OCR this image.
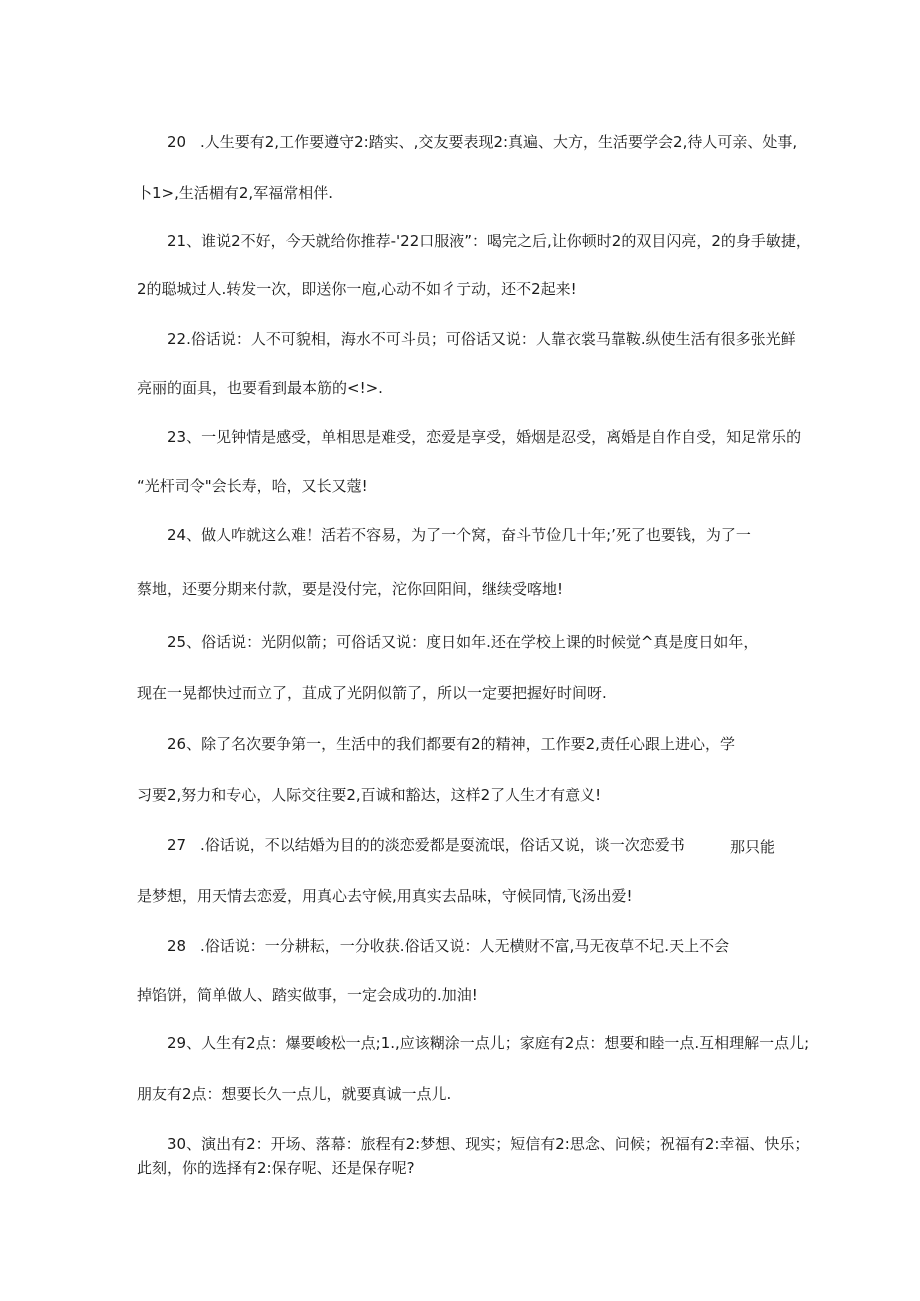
20 .人生要有2,工作要遵守2:踏实、,交友要表现2:真遍、大方，生活要学会2,待人可亲、处事,
卜1>,生活楣有2,军福常相伴.
21、谁说2不好，今天就给你推荐-'22口服液”：喝完之后,让你顿时2的双目闪亮，2的身手敏捷，
2的聪城过人.转发一次，即送你一庖,心动不如彳亍动，还不2起来!
22.俗话说：人不可貌相，海水不可斗员；可俗话又说：人靠衣裳马靠鞍.纵使生活有很多张光鲜
亮丽的面具，也要看到最本筋的<!>.
23、一见钟情是感受，单相思是难受，恋爱是享受，婚烟是忍受，离婚是自作自受，知足常乐的
“光杆司令"会长寿，哈，又长又蔻!
24、做人咋就这么难！活若不容易，为了一个窝，奋斗节俭几十年;’死了也要钱，为了一
蔡地，还要分期来付款，要是没付完，沱你回阳间，继续受喀地!
25、俗话说：光阴似箭；可俗话又说：度日如年.还在学校上课的时候觉^真是度日如年，
现在一晃都快过而立了，苴成了光阴似箭了，所以一定要把握好时间呀.
26、除了名次要争第一，生活中的我们都要有2的精神，工作要2,责任心跟上进心，学
习要2,努力和专心，人际交往要2,百诚和豁达，这样2了人生才有意义!
27 .俗话说，不以结婚为目的的淡恋爱都是耍流氓，俗话又说，谈一次恋爱书	那只能
是梦想，用天情去恋爱，用真心去守候,用真实去品味，守候同情,飞汤出爱!
28 .俗话说：一分耕耘，一分收获.俗话又说：人无横财不富,马无夜草不圮.天上不会
掉馅饼，简单做人、踏实做事，一定会成功的.加油!
29、人生有2点：爆要峻松一点;1.,应该糊涂一点儿；家庭有2点：想要和睦一点.互相理解一点儿;
朋友有2点：想要长久一点儿，就要真诚一点儿.
30、演出有2：开场、落幕：旅程有2:梦想、现实；短信有2:思念、问候；祝福有2:幸福、快乐；
此刻，你的选择有2:保存呢、还是保存呢?
